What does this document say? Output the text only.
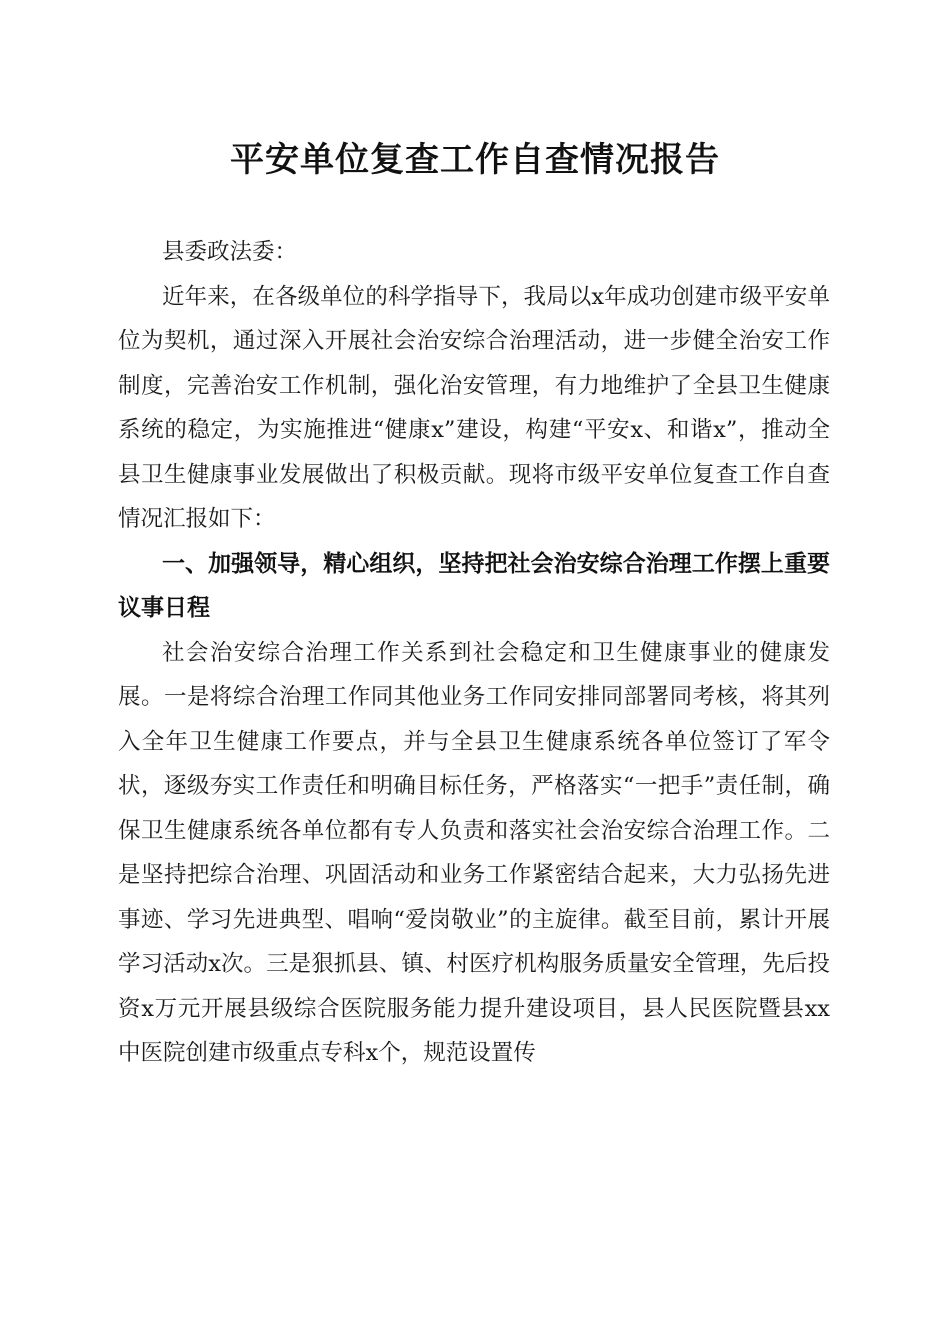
平安单位复查工作自查情况报告

县委政法委：

近年来，在各级单位的科学指导下，我局以x年成功创建市级平安单位为契机，通过深入开展社会治安综合治理活动，进一步健全治安工作制度，完善治安工作机制，强化治安管理，有力地维护了全县卫生健康系统的稳定，为实施推进“健康x”建设，构建“平安x、和谐x”，推动全县卫生健康事业发展做出了积极贡献。现将市级平安单位复查工作自查情况汇报如下：

一、加强领导，精心组织，坚持把社会治安综合治理工作摆上重要议事日程

社会治安综合治理工作关系到社会稳定和卫生健康事业的健康发展。一是将综合治理工作同其他业务工作同安排同部署同考核，将其列入全年卫生健康工作要点，并与全县卫生健康系统各单位签订了军令状，逐级夯实工作责任和明确目标任务，严格落实“一把手”责任制，确保卫生健康系统各单位都有专人负责和落实社会治安综合治理工作。二是坚持把综合治理、巩固活动和业务工作紧密结合起来，大力弘扬先进事迹、学习先进典型、唱响“爱岗敬业”的主旋律。截至目前，累计开展学习活动x次。三是狠抓县、镇、村医疗机构服务质量安全管理，先后投资x万元开展县级综合医院服务能力提升建设项目，县人民医院暨县xx中医院创建市级重点专科x个，规范设置传
